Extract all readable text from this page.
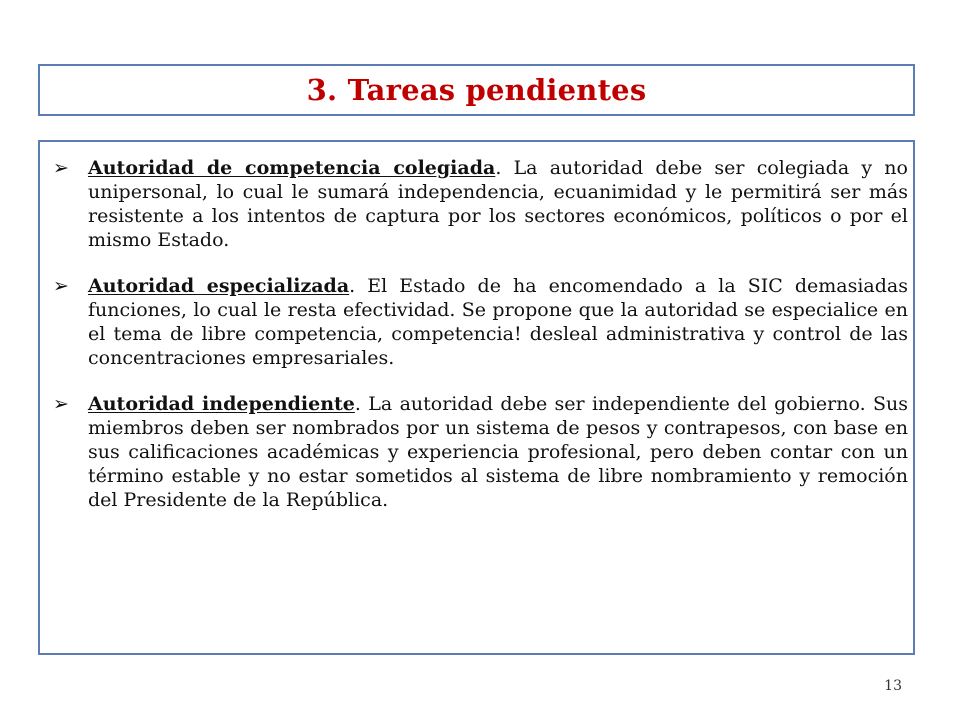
3. Tareas pendientes
➢ Autoridad de competencia colegiada. La autoridad debe ser colegiada y no unipersonal, lo cual le sumará independencia, ecuanimidad y le permitirá ser más resistente a los intentos de captura por los sectores económicos, políticos o por el mismo Estado.
➢ Autoridad especializada. El Estado de ha encomendado a la SIC demasiadas funciones, lo cual le resta efectividad. Se propone que la autoridad se especialice en el tema de libre competencia, competencia! desleal administrativa y control de las concentraciones empresariales.
➢ Autoridad independiente. La autoridad debe ser independiente del gobierno. Sus miembros deben ser nombrados por un sistema de pesos y contrapesos, con base en sus calificaciones académicas y experiencia profesional, pero deben contar con un término estable y no estar sometidos al sistema de libre nombramiento y remoción del Presidente de la República.
13
